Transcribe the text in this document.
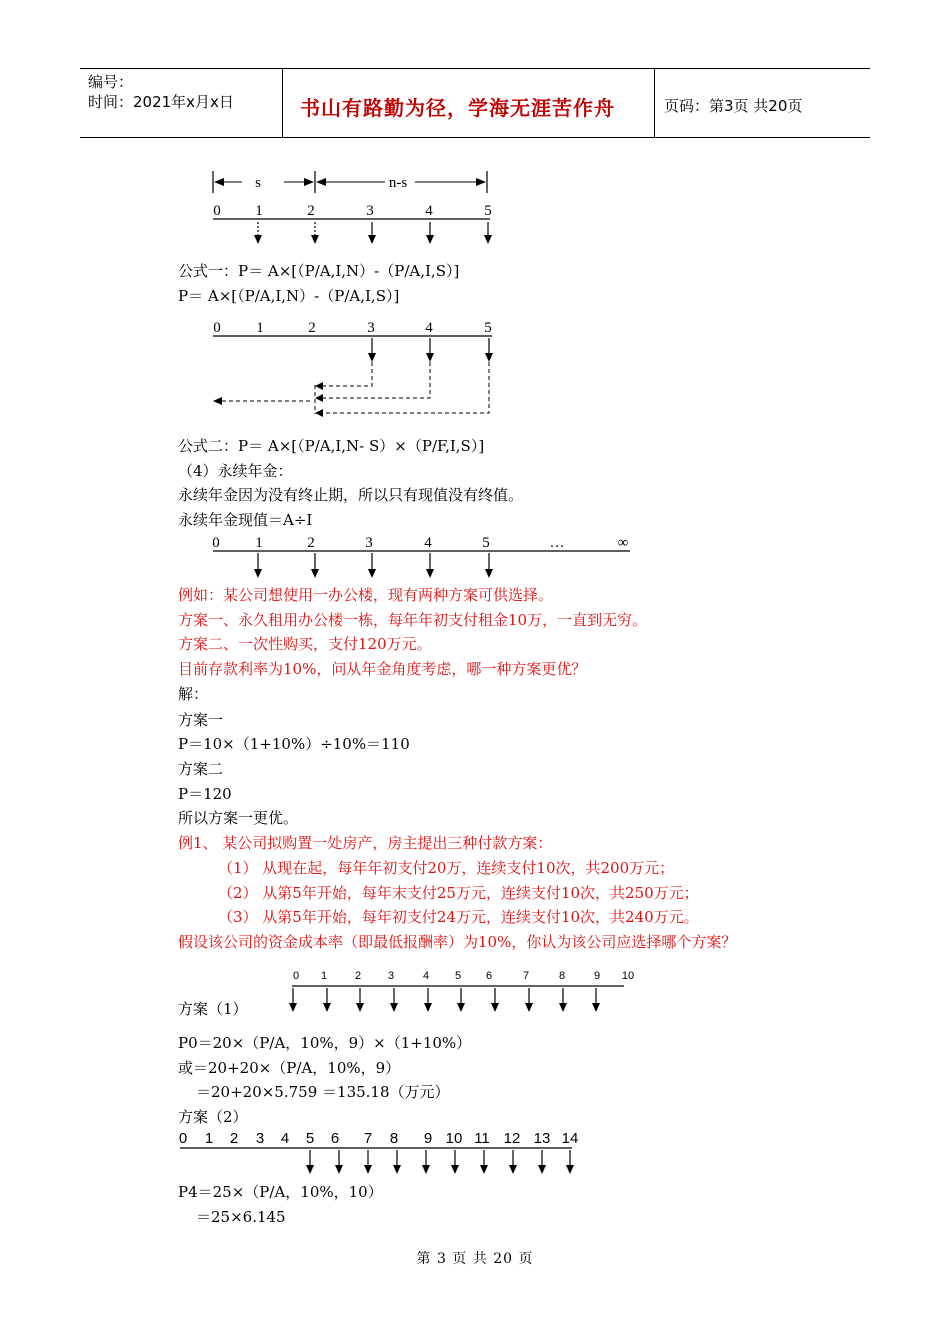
编号：
时间：2021年x月x日	书山有路勤为径，学海无涯苦作舟	页码：第3页 共20页
s	n-s
0 1	2	3	4	5
0 1	2	3	4	5
0 1	2	3	4	5	…	∞
0 1	2 3	4 5 6	7	8	9 10
0 1 2 3 4 5 6 7 8 9 10 11 12 13 14
公式一：P＝ A×[（P/A,I,N）-（P/A,I,S）]
P＝ A×[（P/A,I,N）-（P/A,I,S）]
公式二：P＝ A×[（P/A,I,N- S）×（P/F,I,S）]
（4）永续年金：
永续年金因为没有终止期，所以只有现值没有终值。
永续年金现值＝A÷I
例如：某公司想使用一办公楼，现有两种方案可供选择。
方案一、永久租用办公楼一栋，每年年初支付租金10万，一直到无穷。
方案二、一次性购买，支付120万元。
目前存款利率为10%，问从年金角度考虑，哪一种方案更优？
解：
方案一
P＝10×（1+10%）÷10%＝110
方案二
P＝120
所以方案一更优。
例1、 某公司拟购置一处房产，房主提出三种付款方案：
（1） 从现在起，每年年初支付20万，连续支付10次，共200万元；
（2） 从第5年开始，每年末支付25万元，连续支付10次，共250万元；
（3） 从第5年开始，每年初支付24万元，连续支付10次，共240万元。
假设该公司的资金成本率（即最低报酬率）为10%，你认为该公司应选择哪个方案？
方案（1）
P0＝20×（P/A，10%，9）×（1+10%）
或＝20+20×（P/A，10%，9）
＝20+20×5.759 ＝135.18（万元）
方案（2）
P4＝25×（P/A，10%，10）
＝25×6.145
第 3 页 共 20 页
